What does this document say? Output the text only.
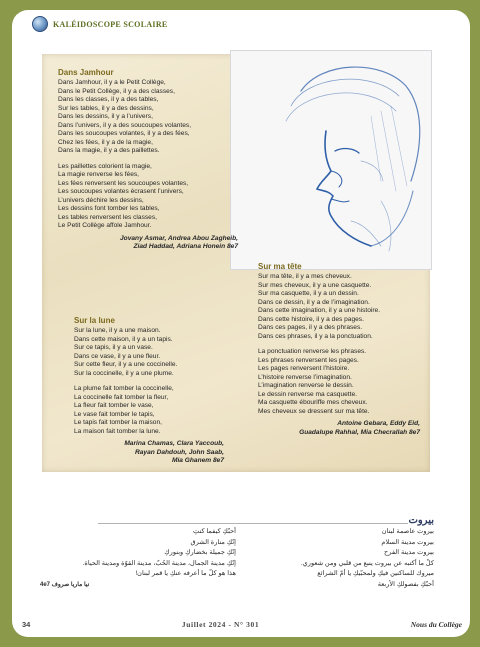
KALÉIDOSCOPE SCOLAIRE
Dans Jamhour
Dans Jamhour, il y a le Petit Collège,
Dans le Petit Collège, il y a des classes,
Dans les classes, il y a des tables,
Sur les tables, il y a des dessins,
Dans les dessins, il y a l’univers,
Dans l’univers, il y a des soucoupes volantes,
Dans les soucoupes volantes, il y a des fées,
Chez les fées, il y a de la magie,
Dans la magie, il y a des paillettes.
Les paillettes colorient la magie,
La magie renverse les fées,
Les fées renversent les soucoupes volantes,
Les soucoupes volantes écrasent l’univers,
L’univers déchire les dessins,
Les dessins font tomber les tables,
Les tables renversent les classes,
Le Petit Collège affole Jamhour.
Jovany Asmar, Andrea Abou Zagheib,
Ziad Haddad, Adriana Honein 8e7
Sur la lune
Sur la lune, il y a une maison.
Dans cette maison, il y a un tapis.
Sur ce tapis, il y a un vase.
Dans ce vase, il y a une fleur.
Sur cette fleur, il y a une coccinelle.
Sur la coccinelle, il y a une plume.
La plume fait tomber la coccinelle,
La coccinelle fait tomber la fleur,
La fleur fait tomber le vase,
Le vase fait tomber le tapis,
Le tapis fait tomber la maison,
La maison fait tomber la lune.
Marina Chamas, Clara Yaccoub,
Rayan Dahdouh, John Saab,
Mia Ghanem 8e7
Sur ma tête
Sur ma tête, il y a mes cheveux.
Sur mes cheveux, il y a une casquette.
Sur ma casquette, il y a un dessin.
Dans ce dessin, il y a de l’imagination.
Dans cette imagination, il y a une histoire.
Dans cette histoire, il y a des pages.
Dans ces pages, il y a des phrases.
Dans ces phrases, il y a la ponctuation.
La ponctuation renverse les phrases.
Les phrases renversent les pages.
Les pages renversent l’histoire.
L’histoire renverse l’imagination.
L’imagination renverse le dessin.
Le dessin renverse ma casquette.
Ma casquette ébouriffe mes cheveux.
Mes cheveux se dressent sur ma tête.
Antoine Gebara, Eddy Eid,
Guadalupe Rahhal, Mia Checrallah 8e7
بيروت
بيروت عاصمة لبنان
بيروت مدينة السلام
بيروت مدينة الفرح
كلّ ما أكتبه عن بيروت ينبع من قلبي ومن شعوري.
ميروك للساكنين فيكِ ولمحبّيكِ يا أمّ الشرائع
أحبّكِ بفصولكِ الأربعة
أحبّكِ كيفما كنتِ
إنّكِ منارة الشرق
إنّكِ جميلة بخضاركِ وبنوركِ
إنّكِ مدينة الجمال، مدينة الحُبّ، مدينة القوّة ومدينة الحياة.
هذا هو كلّ ما أعرفه عنكِ يا قمر لبنان!
نيا ماريا صروف 4e7
34	Juillet 2024 - N° 301	Nous du Collège
